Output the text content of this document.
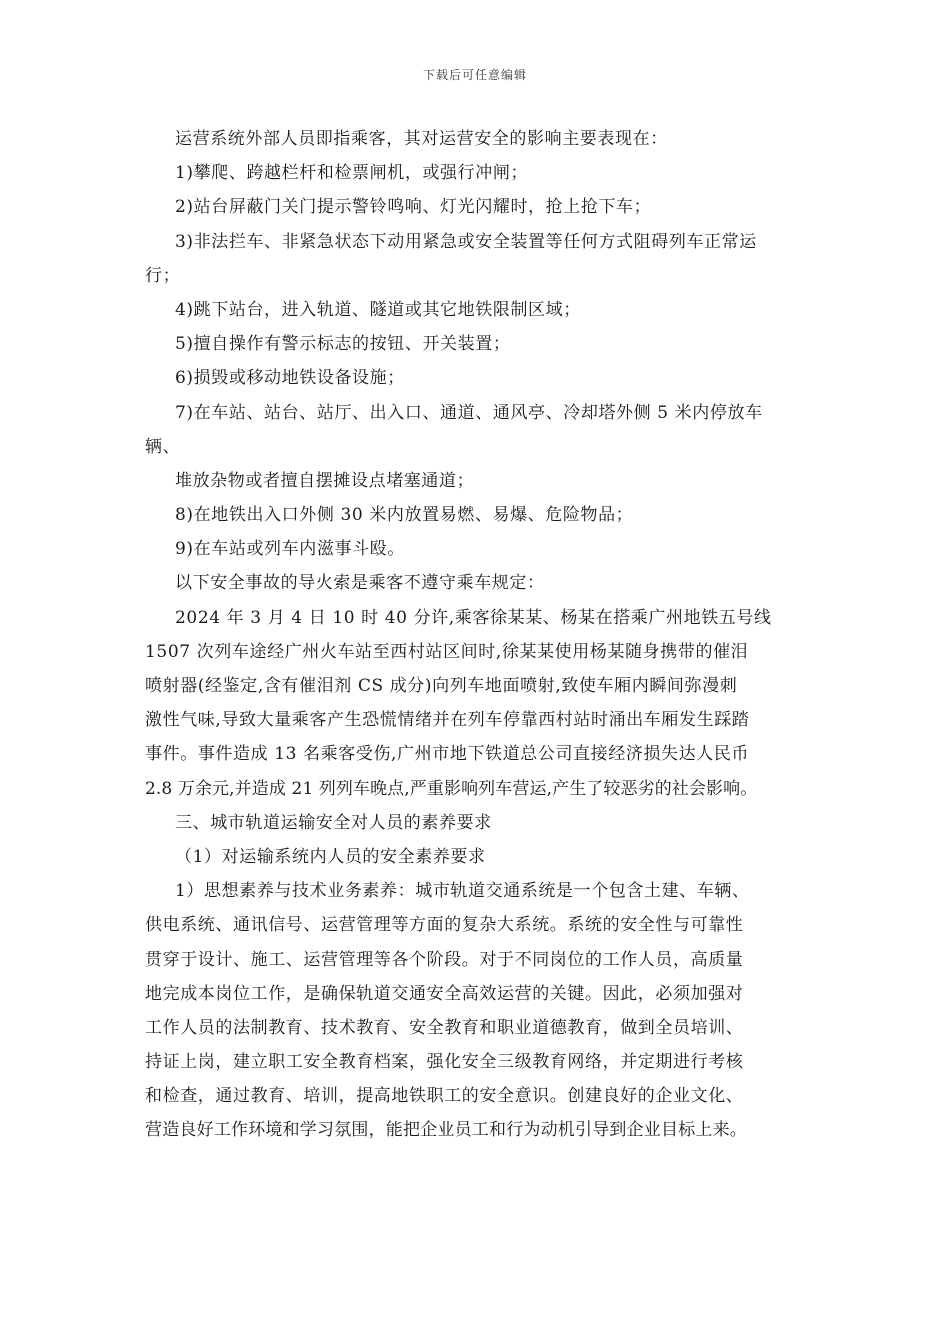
下载后可任意编辑
运营系统外部人员即指乘客，其对运营安全的影响主要表现在：
1)攀爬、跨越栏杆和检票闸机，或强行冲闸；
2)站台屏蔽门关门提示警铃鸣响、灯光闪耀时，抢上抢下车；
3)非法拦车、非紧急状态下动用紧急或安全装置等任何方式阻碍列车正常运
行；
4)跳下站台，进入轨道、隧道或其它地铁限制区域；
5)擅自操作有警示标志的按钮、开关装置；
6)损毁或移动地铁设备设施；
7)在车站、站台、站厅、出入口、通道、通风亭、冷却塔外侧 5 米内停放车
辆、
堆放杂物或者擅自摆摊设点堵塞通道；
8)在地铁出入口外侧 30 米内放置易燃、易爆、危险物品；
9)在车站或列车内滋事斗殴。
以下安全事故的导火索是乘客不遵守乘车规定：
2024 年 3 月 4 日 10 时 40 分许,乘客徐某某、杨某在搭乘广州地铁五号线
1507 次列车途经广州火车站至西村站区间时,徐某某使用杨某随身携带的催泪
喷射器(经鉴定,含有催泪剂 CS 成分)向列车地面喷射,致使车厢内瞬间弥漫刺
激性气味,导致大量乘客产生恐慌情绪并在列车停靠西村站时涌出车厢发生踩踏
事件。事件造成 13 名乘客受伤,广州市地下铁道总公司直接经济损失达人民币
2.8 万余元,并造成 21 列列车晚点,严重影响列车营运,产生了较恶劣的社会影响。
三、城市轨道运输安全对人员的素养要求
（1）对运输系统内人员的安全素养要求
1）思想素养与技术业务素养：城市轨道交通系统是一个包含土建、车辆、
供电系统、通讯信号、运营管理等方面的复杂大系统。系统的安全性与可靠性
贯穿于设计、施工、运营管理等各个阶段。对于不同岗位的工作人员，高质量
地完成本岗位工作，是确保轨道交通安全高效运营的关键。因此，必须加强对
工作人员的法制教育、技术教育、安全教育和职业道德教育，做到全员培训、
持证上岗，建立职工安全教育档案，强化安全三级教育网络，并定期进行考核
和检查，通过教育、培训，提高地铁职工的安全意识。创建良好的企业文化、
营造良好工作环境和学习氛围，能把企业员工和行为动机引导到企业目标上来。
